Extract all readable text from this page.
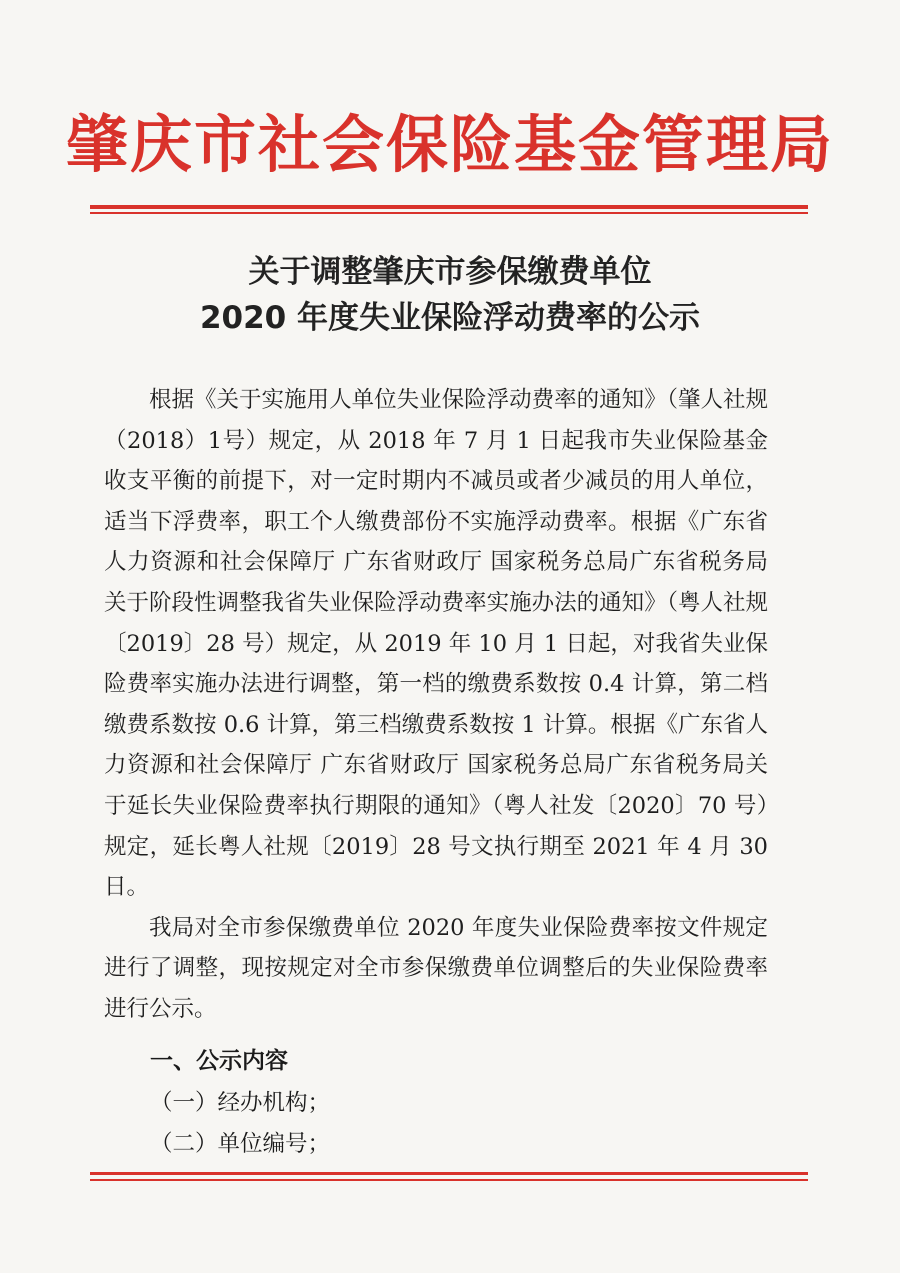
肇庆市社会保险基金管理局
关于调整肇庆市参保缴费单位
2020 年度失业保险浮动费率的公示

根据《关于实施用人单位失业保险浮动费率的通知》（肇人社规（2018）1号）规定，从 2018 年 7 月 1 日起我市失业保险基金收支平衡的前提下，对一定时期内不减员或者少减员的用人单位，适当下浮费率，职工个人缴费部份不实施浮动费率。根据《广东省人力资源和社会保障厅 广东省财政厅 国家税务总局广东省税务局关于阶段性调整我省失业保险浮动费率实施办法的通知》（粤人社规〔2019〕28 号）规定，从 2019 年 10 月 1 日起，对我省失业保险费率实施办法进行调整，第一档的缴费系数按 0.4 计算，第二档缴费系数按 0.6 计算，第三档缴费系数按 1 计算。根据《广东省人力资源和社会保障厅 广东省财政厅 国家税务总局广东省税务局关于延长失业保险费率执行期限的通知》（粤人社发〔2020〕70 号）规定，延长粤人社规〔2019〕28 号文执行期至 2021 年 4 月 30 日。

我局对全市参保缴费单位 2020 年度失业保险费率按文件规定进行了调整，现按规定对全市参保缴费单位调整后的失业保险费率进行公示。

一、公示内容
（一）经办机构；
（二）单位编号；
